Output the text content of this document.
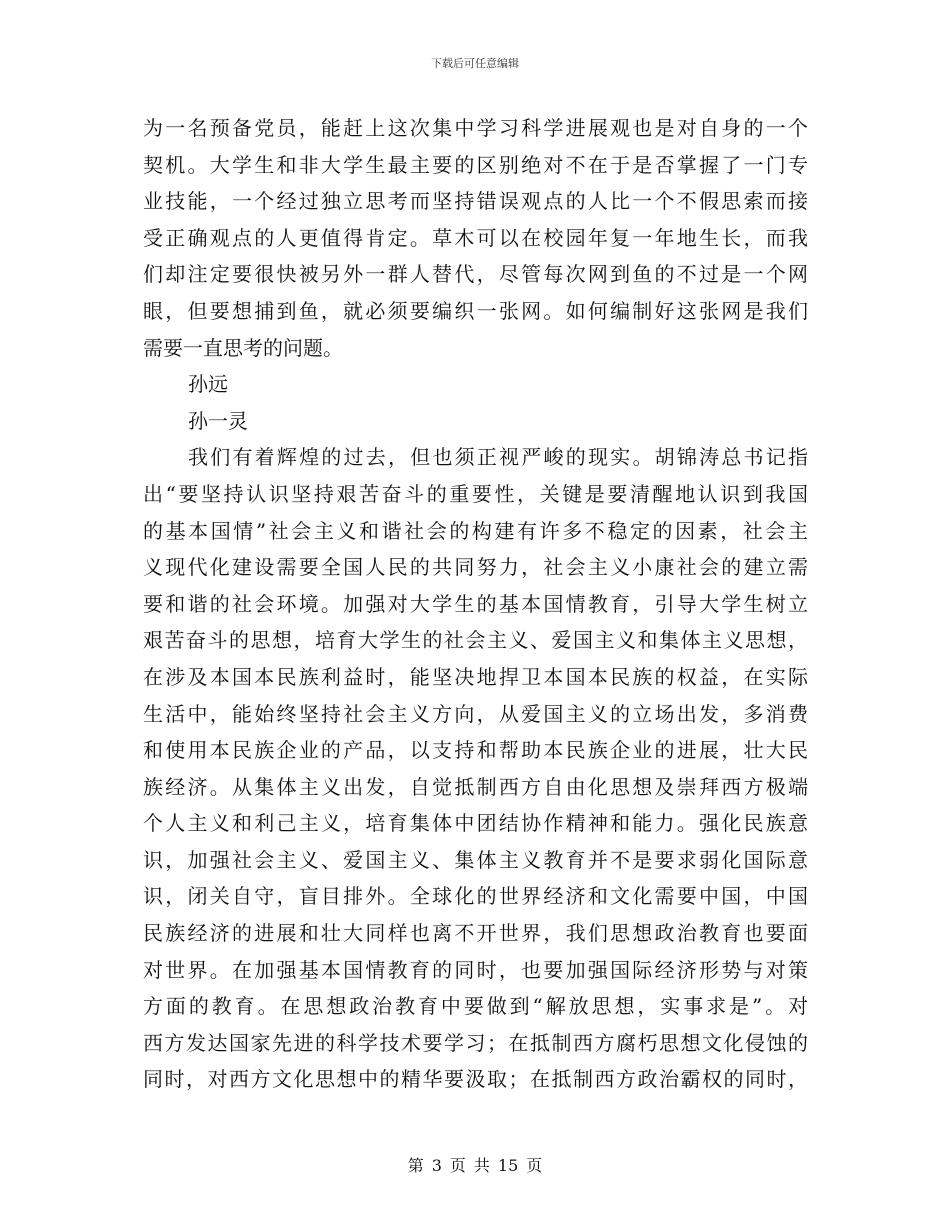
下载后可任意编辑
为一名预备党员，能赶上这次集中学习科学进展观也是对自身的一个
契机。大学生和非大学生最主要的区别绝对不在于是否掌握了一门专
业技能，一个经过独立思考而坚持错误观点的人比一个不假思索而接
受正确观点的人更值得肯定。草木可以在校园年复一年地生长，而我
们却注定要很快被另外一群人替代，尽管每次网到鱼的不过是一个网
眼，但要想捕到鱼，就必须要编织一张网。如何编制好这张网是我们
需要一直思考的问题。
孙远
孙一灵
我们有着辉煌的过去，但也须正视严峻的现实。胡锦涛总书记指
出“要坚持认识坚持艰苦奋斗的重要性，关键是要清醒地认识到我国
的基本国情”社会主义和谐社会的构建有许多不稳定的因素，社会主
义现代化建设需要全国人民的共同努力，社会主义小康社会的建立需
要和谐的社会环境。加强对大学生的基本国情教育，引导大学生树立
艰苦奋斗的思想，培育大学生的社会主义、爱国主义和集体主义思想，
在涉及本国本民族利益时，能坚决地捍卫本国本民族的权益，在实际
生活中，能始终坚持社会主义方向，从爱国主义的立场出发，多消费
和使用本民族企业的产品，以支持和帮助本民族企业的进展，壮大民
族经济。从集体主义出发，自觉抵制西方自由化思想及崇拜西方极端
个人主义和利己主义，培育集体中团结协作精神和能力。强化民族意
识，加强社会主义、爱国主义、集体主义教育并不是要求弱化国际意
识，闭关自守，盲目排外。全球化的世界经济和文化需要中国，中国
民族经济的进展和壮大同样也离不开世界，我们思想政治教育也要面
对世界。在加强基本国情教育的同时，也要加强国际经济形势与对策
方面的教育。在思想政治教育中要做到“解放思想，实事求是”。对
西方发达国家先进的科学技术要学习；在抵制西方腐朽思想文化侵蚀的
同时，对西方文化思想中的精华要汲取；在抵制西方政治霸权的同时，
第 3 页 共 15 页
